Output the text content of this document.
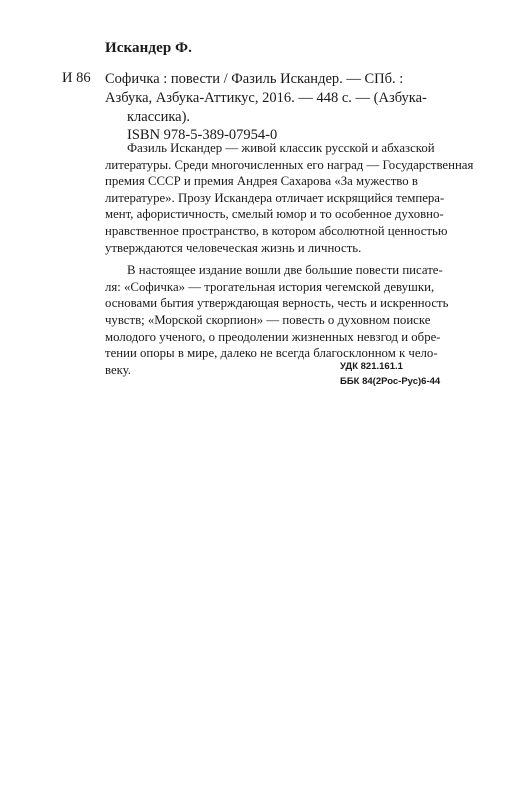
Искандер Ф.
И 86 Софичка : повести / Фазиль Искандер. — СПб. :
Азбука, Азбука-Аттикус, 2016. — 448 с. — (Азбука-
классика).
ISBN 978-5-389-07954-0

Фазиль Искандер — живой классик русской и абхазской
литературы. Среди многочисленных его наград — Государственная
премия СССР и премия Андрея Сахарова «За мужество в
литературе». Прозу Искандера отличает искрящийся темпера-
мент, афористичность, смелый юмор и то особенное духовно-
нравственное пространство, в котором абсолютной ценностью
утверждаются человеческая жизнь и личность.

В настоящее издание вошли две большие повести писате-
ля: «Софичка» — трогательная история чегемской девушки,
основами бытия утверждающая верность, честь и искренность
чувств; «Морской скорпион» — повесть о духовном поиске
молодого ученого, о преодолении жизненных невзгод и обре-
тении опоры в мире, далеко не всегда благосклонном к чело-
веку.	УДК 821.161.1
ББК 84(2Рос-Рус)6-44
